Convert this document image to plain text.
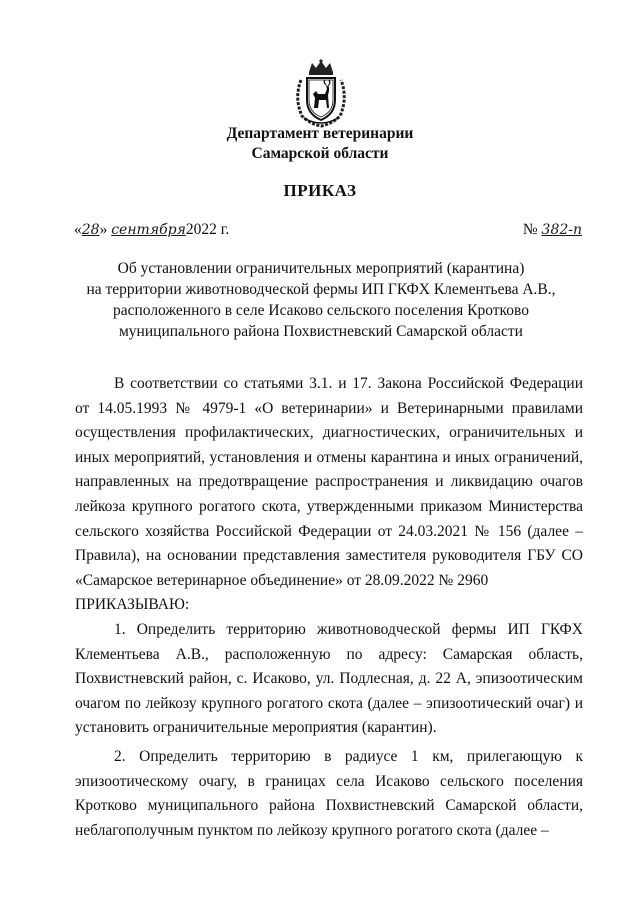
Департамент ветеринарии
Самарской области
ПРИКАЗ
«28» сентября2022 г.	№ 382-п
Об установлении ограничительных мероприятий (карантина)
на территории животноводческой фермы ИП ГКФХ Клементьева А.В.,
расположенного в селе Исаково сельского поселения Кротково
муниципального района Похвистневский Самарской области

В соответствии со статьями 3.1. и 17. Закона Российской Федерации от 14.05.1993 № 4979-1 «О ветеринарии» и Ветеринарными правилами осуществления профилактических, диагностических, ограничительных и иных мероприятий, установления и отмены карантина и иных ограничений, направленных на предотвращение распространения и ликвидацию очагов лейкоза крупного рогатого скота, утвержденными приказом Министерства сельского хозяйства Российской Федерации от 24.03.2021 № 156 (далее – Правила), на основании представления заместителя руководителя ГБУ СО «Самарское ветеринарное объединение» от 28.09.2022 № 2960

ПРИКАЗЫВАЮ:

1. Определить территорию животноводческой фермы ИП ГКФХ Клементьева А.В., расположенную по адресу: Самарская область, Похвистневский район, с. Исаково, ул. Подлесная, д. 22 А, эпизоотическим очагом по лейкозу крупного рогатого скота (далее – эпизоотический очаг) и установить ограничительные мероприятия (карантин).

2. Определить территорию в радиусе 1 км, прилегающую к эпизоотическому очагу, в границах села Исаково сельского поселения Кротково муниципального района Похвистневский Самарской области, неблагополучным пунктом по лейкозу крупного рогатого скота (далее –
